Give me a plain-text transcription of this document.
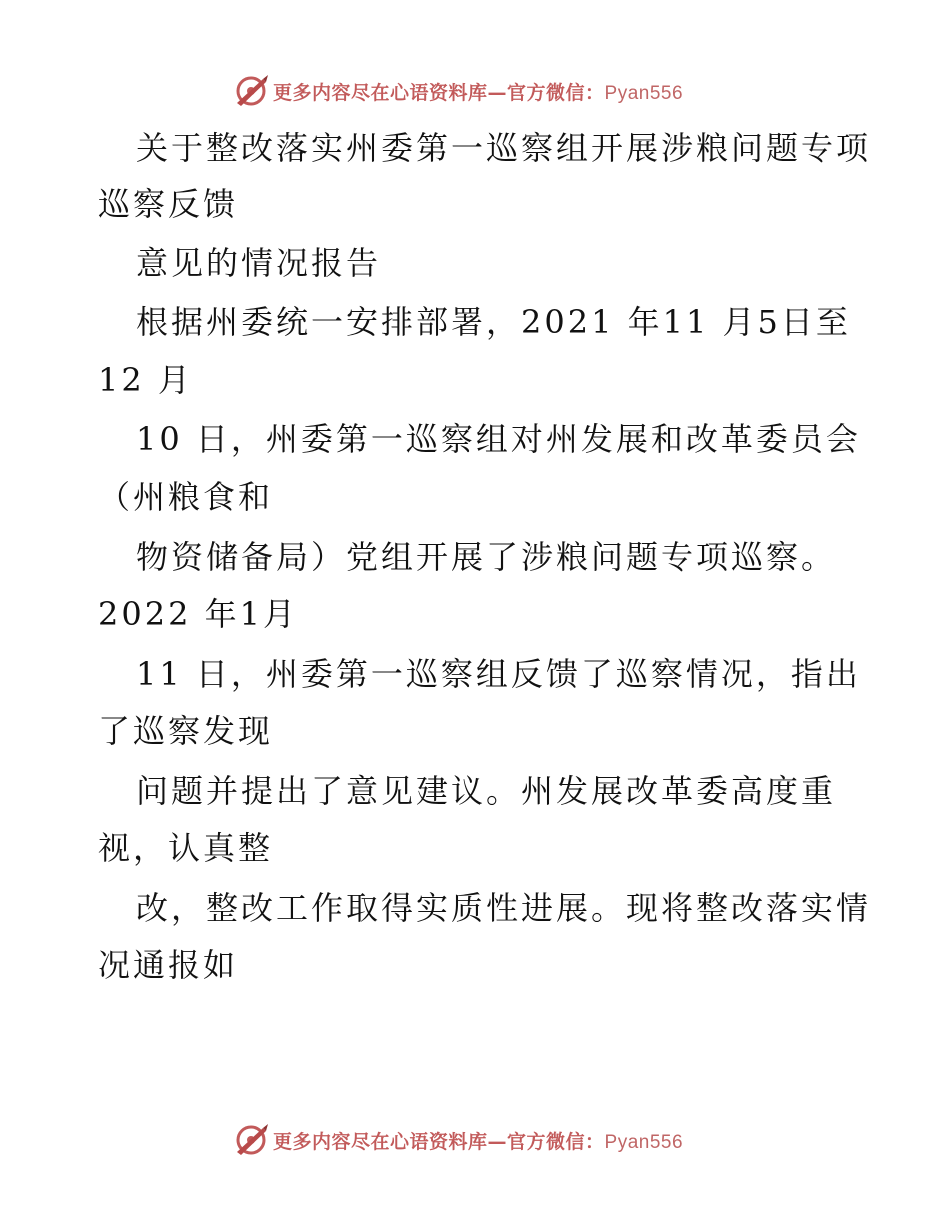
更多内容尽在心语资料库—官方微信：Pyan556
关于整改落实州委第一巡察组开展涉粮问题专项
巡察反馈
意见的情况报告
根据州委统一安排部署，2021 年11 月5日至
12 月
10 日，州委第一巡察组对州发展和改革委员会
（州粮食和
物资储备局）党组开展了涉粮问题专项巡察。
2022 年1月
11 日，州委第一巡察组反馈了巡察情况，指出
了巡察发现
问题并提出了意见建议。州发展改革委高度重
视，认真整
改，整改工作取得实质性进展。现将整改落实情
况通报如
更多内容尽在心语资料库—官方微信：Pyan556
